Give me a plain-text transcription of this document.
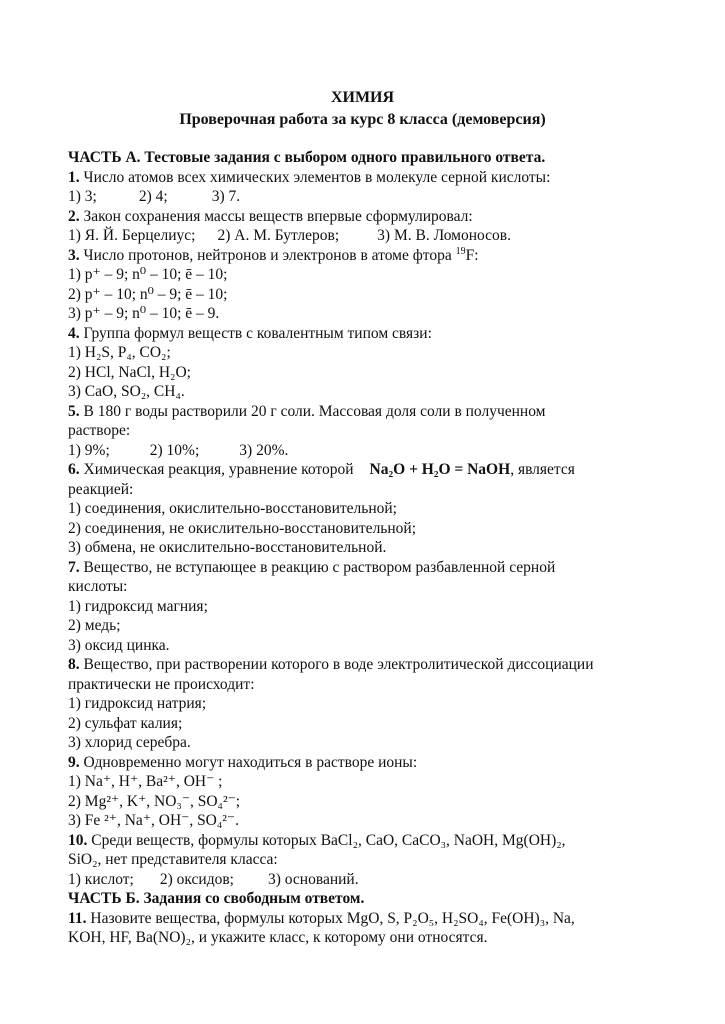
ХИМИЯ
Проверочная работа за курс 8 класса (демоверсия)
ЧАСТЬ А. Тестовые задания с выбором одного правильного ответа.
1. Число атомов всех химических элементов в молекуле серной кислоты:
1) 3;	2) 4;	3) 7.
2. Закон сохранения массы веществ впервые сформулировал:
1) Я. Й. Берцелиус; 2) А. М. Бутлеров; 3) М. В. Ломоносов.
3. Число протонов, нейтронов и электронов в атоме фтора $^{19}$F:
1) p⁺ – 9; n⁰ – 10; ē – 10;
2) p⁺ – 10; n⁰ – 9; ē – 10;
3) p⁺ – 9; n⁰ – 10; ē – 9.
4. Группа формул веществ с ковалентным типом связи:
1) H₂S, P₄, CO₂;
2) HCl, NaCl, H₂O;
3) CaO, SO₂, CH₄.
5. В 180 г воды растворили 20 г соли. Массовая доля соли в полученном
растворе:
1) 9%;	2) 10%;	3) 20%.
6. Химическая реакция, уравнение которой Na₂O + H₂O = NaOH, является
реакцией:
1) соединения, окислительно-восстановительной;
2) соединения, не окислительно-восстановительной;
3) обмена, не окислительно-восстановительной.
7. Вещество, не вступающее в реакцию с раствором разбавленной серной
кислоты:
1) гидроксид магния;
2) медь;
3) оксид цинка.
8. Вещество, при растворении которого в воде электролитической диссоциации
практически не происходит:
1) гидроксид натрия;
2) сульфат калия;
3) хлорид серебра.
9. Одновременно могут находиться в растворе ионы:
1) Na⁺, H⁺, Ba²⁺, OH⁻ ;
2) Mg²⁺, K⁺, NO₃⁻, SO₄²⁻;
3) Fe ²⁺, Na⁺, OH⁻, SO₄²⁻.
10. Среди веществ, формулы которых BaCl₂, CaO, CaCO₃, NaOH, Mg(OH)₂,
SiO₂, нет представителя класса:
1) кислот; 2) оксидов; 3) оснований.
ЧАСТЬ Б. Задания со свободным ответом.
11. Назовите вещества, формулы которых MgO, S, P₂O₅, H₂SO₄, Fe(OH)₃, Na,
KOH, HF, Ba(NO)₂, и укажите класс, к которому они относятся.
